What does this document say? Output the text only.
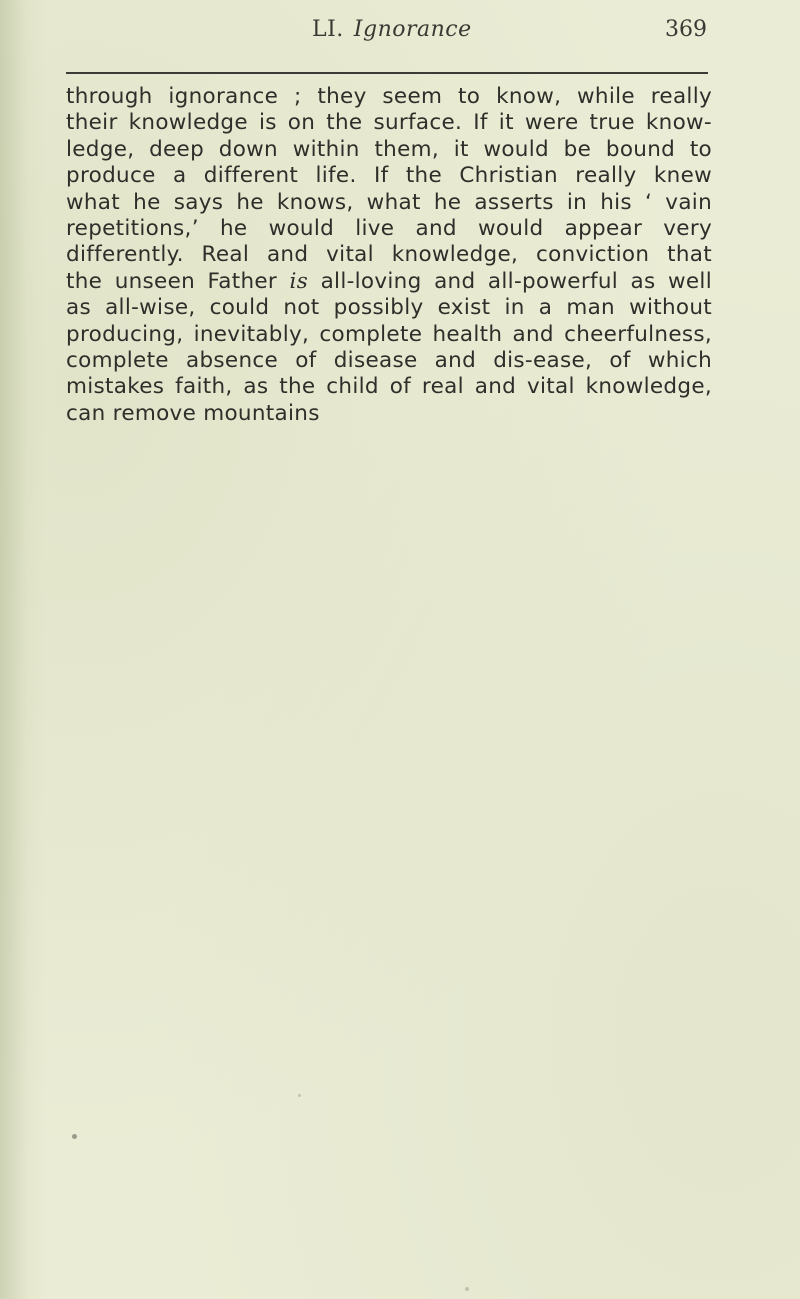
LI. Ignorance	369
through ignorance ; they seem to know, while really
their knowledge is on the surface. If it were true know-
ledge, deep down within them, it would be bound to
produce a different life. If the Christian really knew
what he says he knows, what he asserts in his ‘ vain
repetitions,’ he would live and would appear very
differently. Real and vital knowledge, conviction that
the unseen Father is all-loving and all-powerful as well
as all-wise, could not possibly exist in a man without
producing, inevitably, complete health and cheerfulness,
complete absence of disease and dis-ease, of which
mistakes faith, as the child of real and vital knowledge,
can remove mountains
